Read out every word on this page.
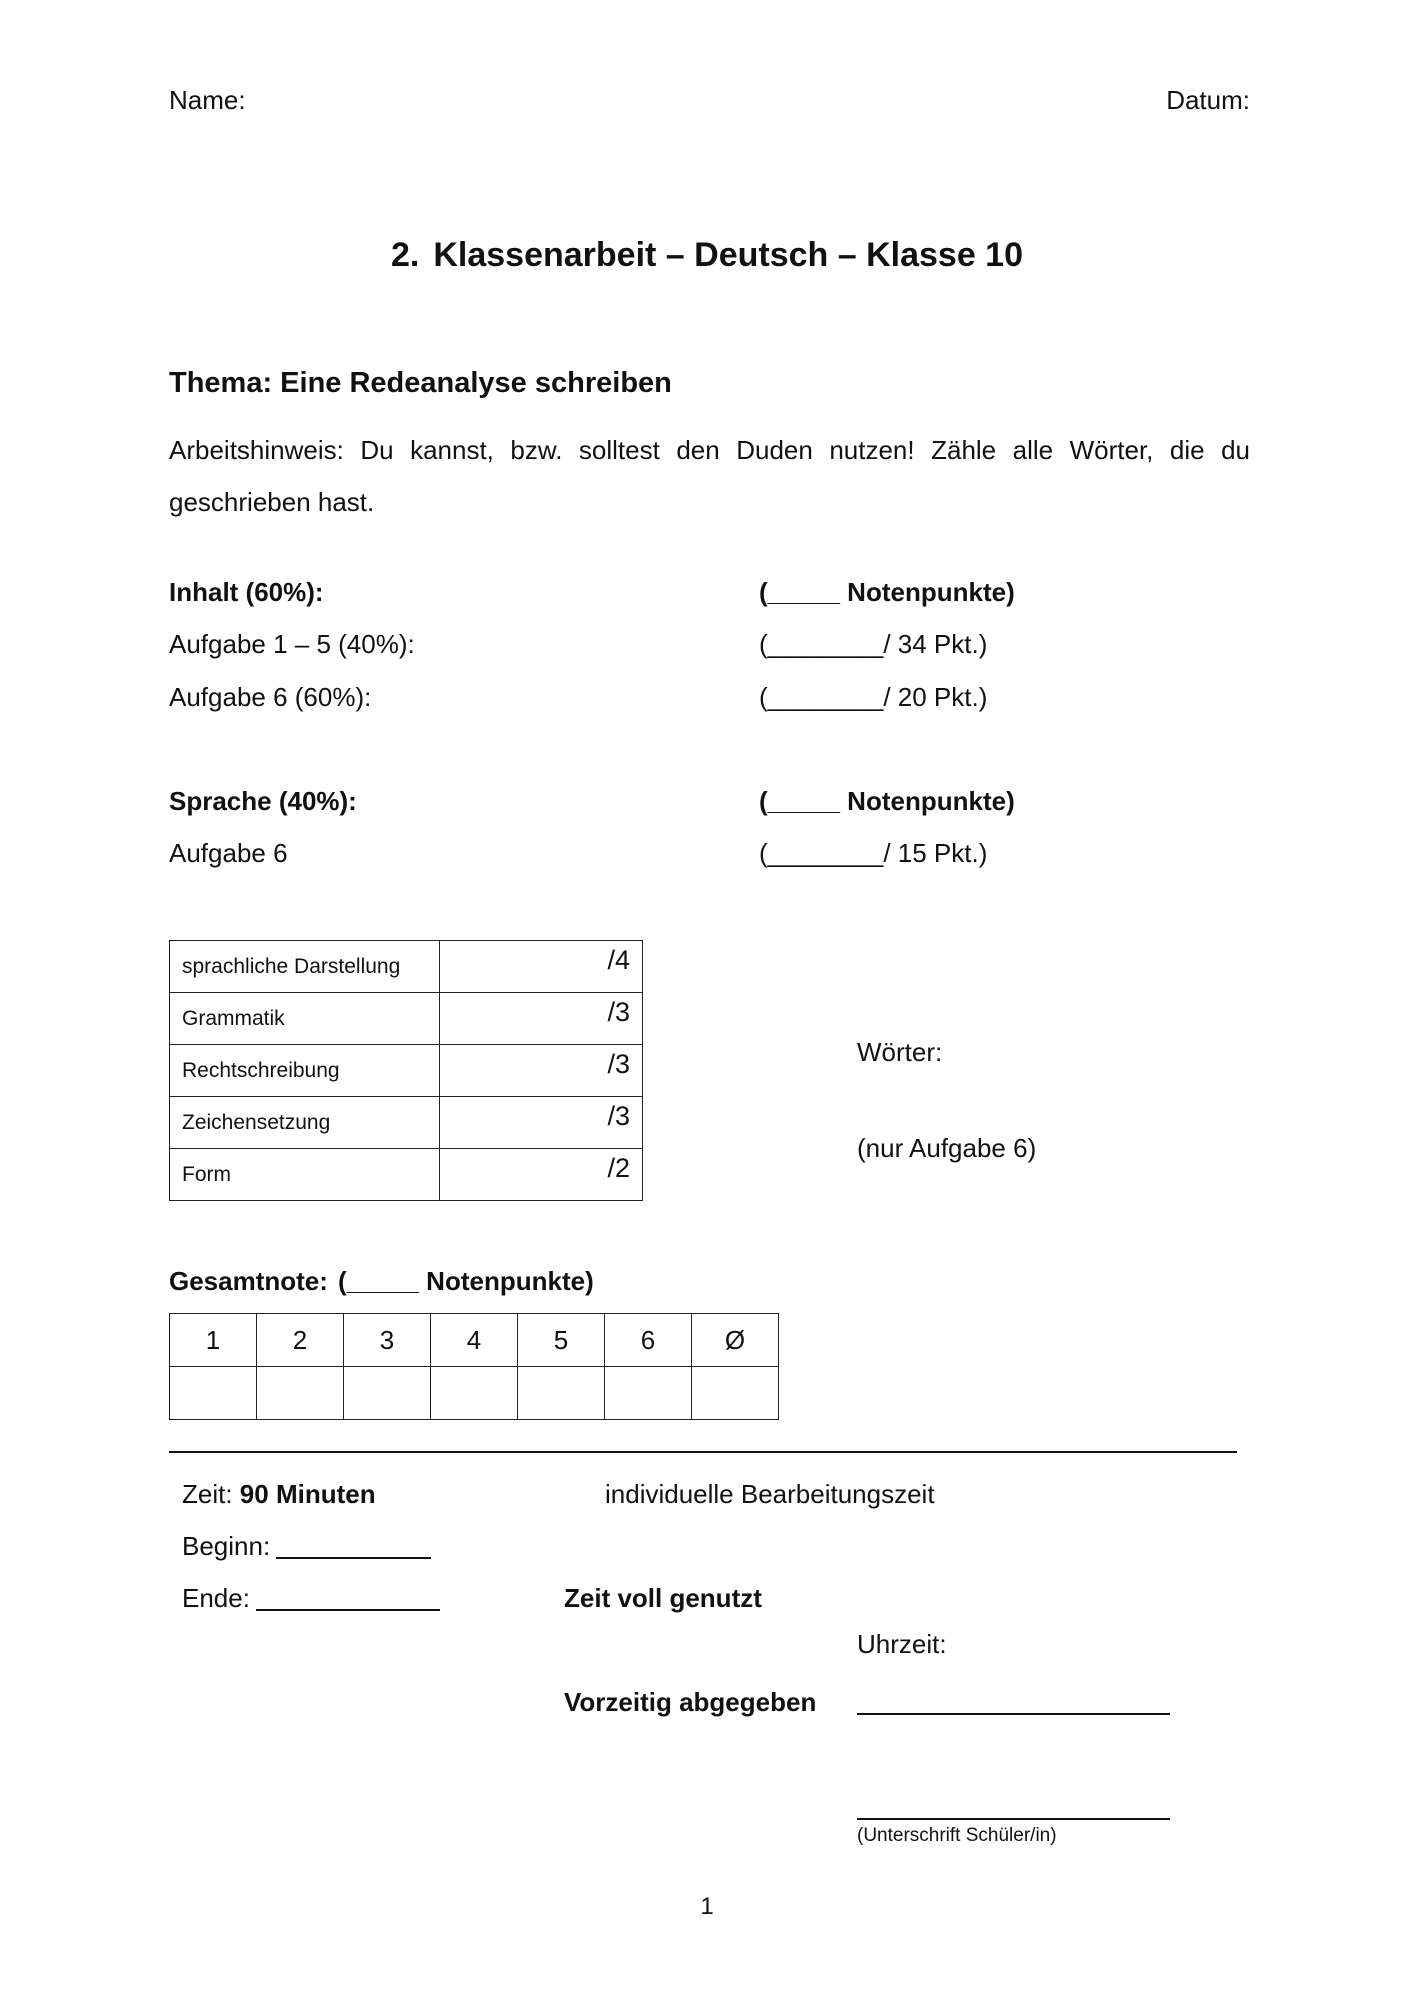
Name:	Datum:
2. Klassenarbeit – Deutsch – Klasse 10
Thema: Eine Redeanalyse schreiben
Arbeitshinweis: Du kannst, bzw. solltest den Duden nutzen! Zähle alle Wörter, die du geschrieben hast.
Inhalt (60%):	(_____ Notenpunkte)
Aufgabe 1 – 5 (40%):	(________/ 34 Pkt.)
Aufgabe 6 (60%):	(________/ 20 Pkt.)
Sprache (40%):	(_____ Notenpunkte)
Aufgabe 6	(________/ 15 Pkt.)
sprachliche Darstellung	/4
Grammatik	/3
Rechtschreibung	/3
Zeichensetzung	/3
Form	/2
Wörter:
(nur Aufgabe 6)
Gesamtnote: (_____ Notenpunkte)
1	2	3	4	5	6	Ø

Zeit: 90 Minuten	individuelle Bearbeitungszeit
Beginn:
Ende:	Zeit voll genutzt
Uhrzeit:
Vorzeitig abgegeben
(Unterschrift Schüler/in)
1
